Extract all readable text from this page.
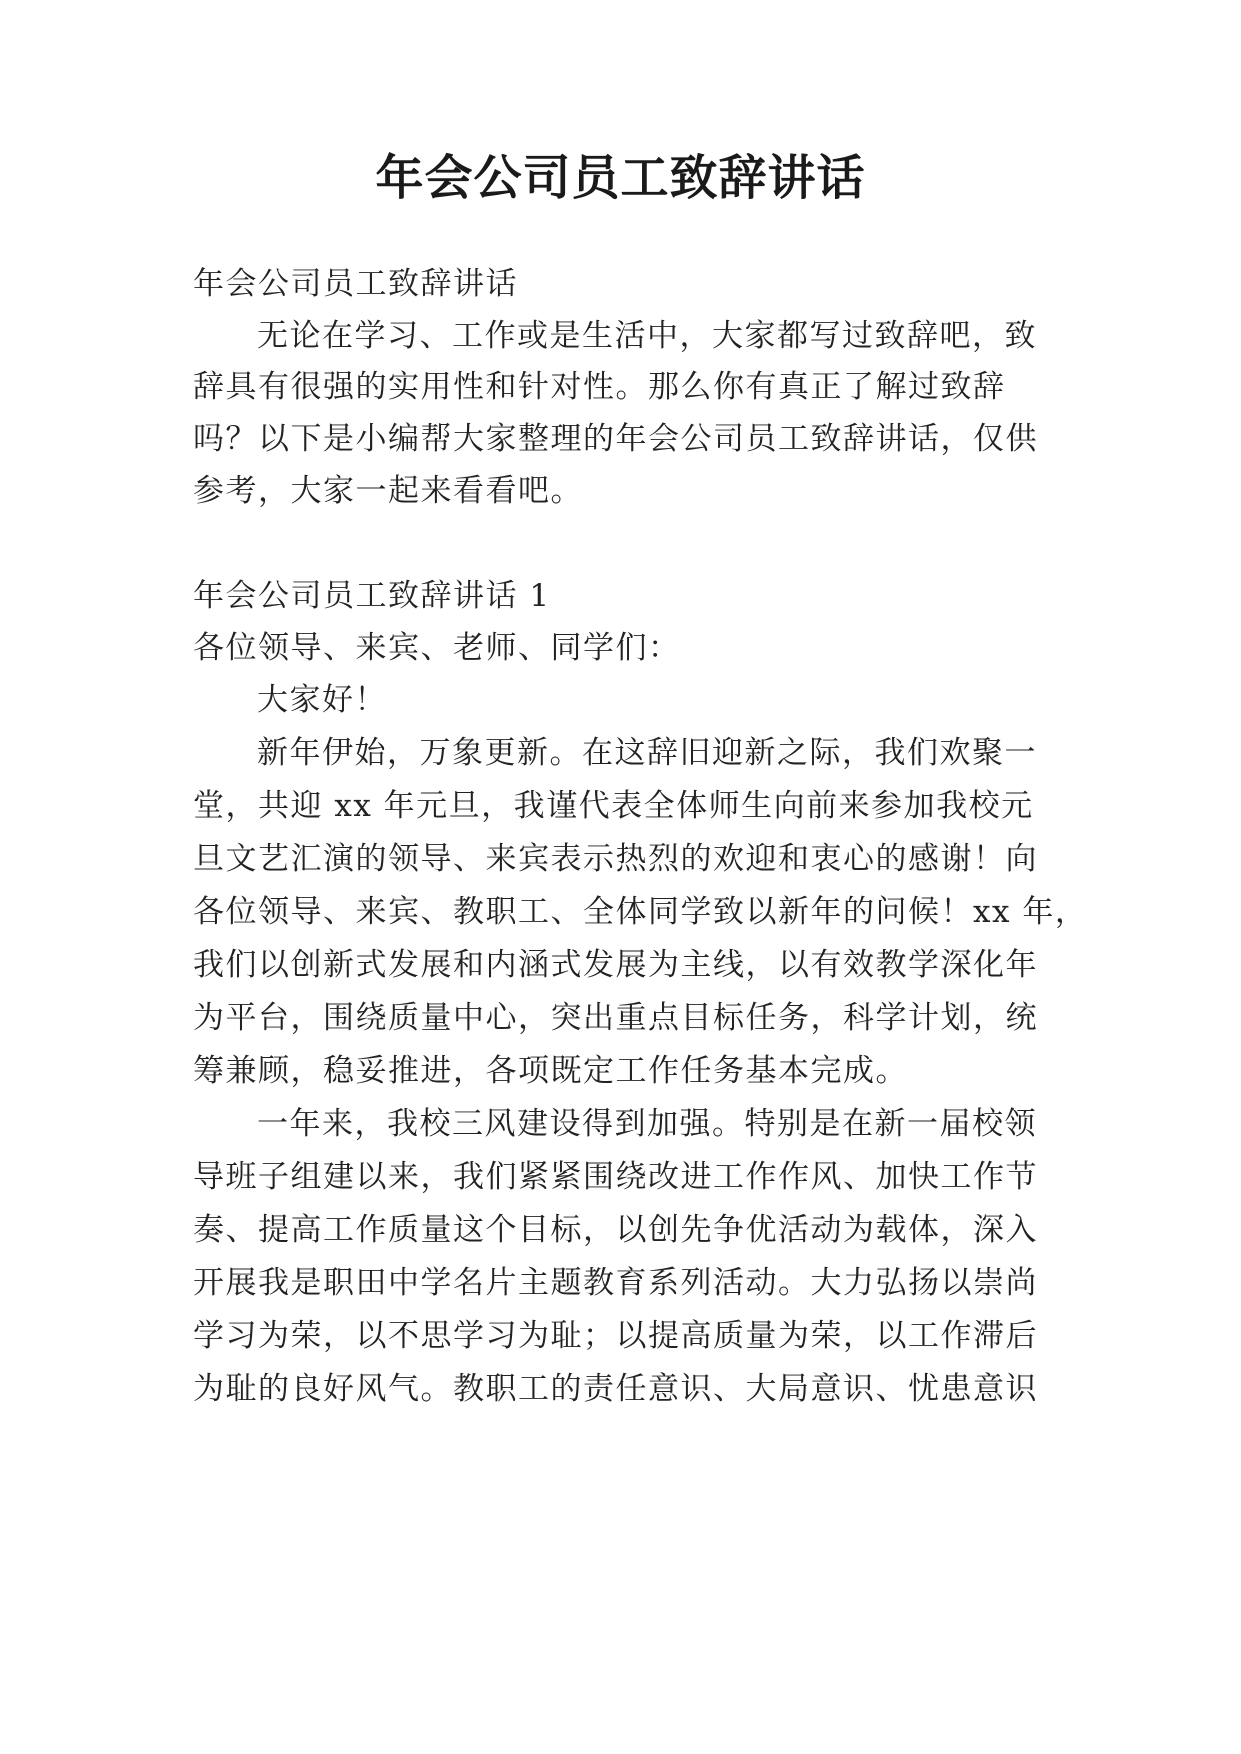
年会公司员工致辞讲话
年会公司员工致辞讲话
无论在学习、工作或是生活中，大家都写过致辞吧，致
辞具有很强的实用性和针对性。那么你有真正了解过致辞
吗？以下是小编帮大家整理的年会公司员工致辞讲话，仅供
参考，大家一起来看看吧。
年会公司员工致辞讲话 1
各位领导、来宾、老师、同学们：
大家好！
新年伊始，万象更新。在这辞旧迎新之际，我们欢聚一
堂，共迎 xx 年元旦，我谨代表全体师生向前来参加我校元
旦文艺汇演的领导、来宾表示热烈的欢迎和衷心的感谢！向
各位领导、来宾、教职工、全体同学致以新年的问候！xx 年，
我们以创新式发展和内涵式发展为主线，以有效教学深化年
为平台，围绕质量中心，突出重点目标任务，科学计划，统
筹兼顾，稳妥推进，各项既定工作任务基本完成。
一年来，我校三风建设得到加强。特别是在新一届校领
导班子组建以来，我们紧紧围绕改进工作作风、加快工作节
奏、提高工作质量这个目标，以创先争优活动为载体，深入
开展我是职田中学名片主题教育系列活动。大力弘扬以崇尚
学习为荣，以不思学习为耻；以提高质量为荣，以工作滞后
为耻的良好风气。教职工的责任意识、大局意识、忧患意识
